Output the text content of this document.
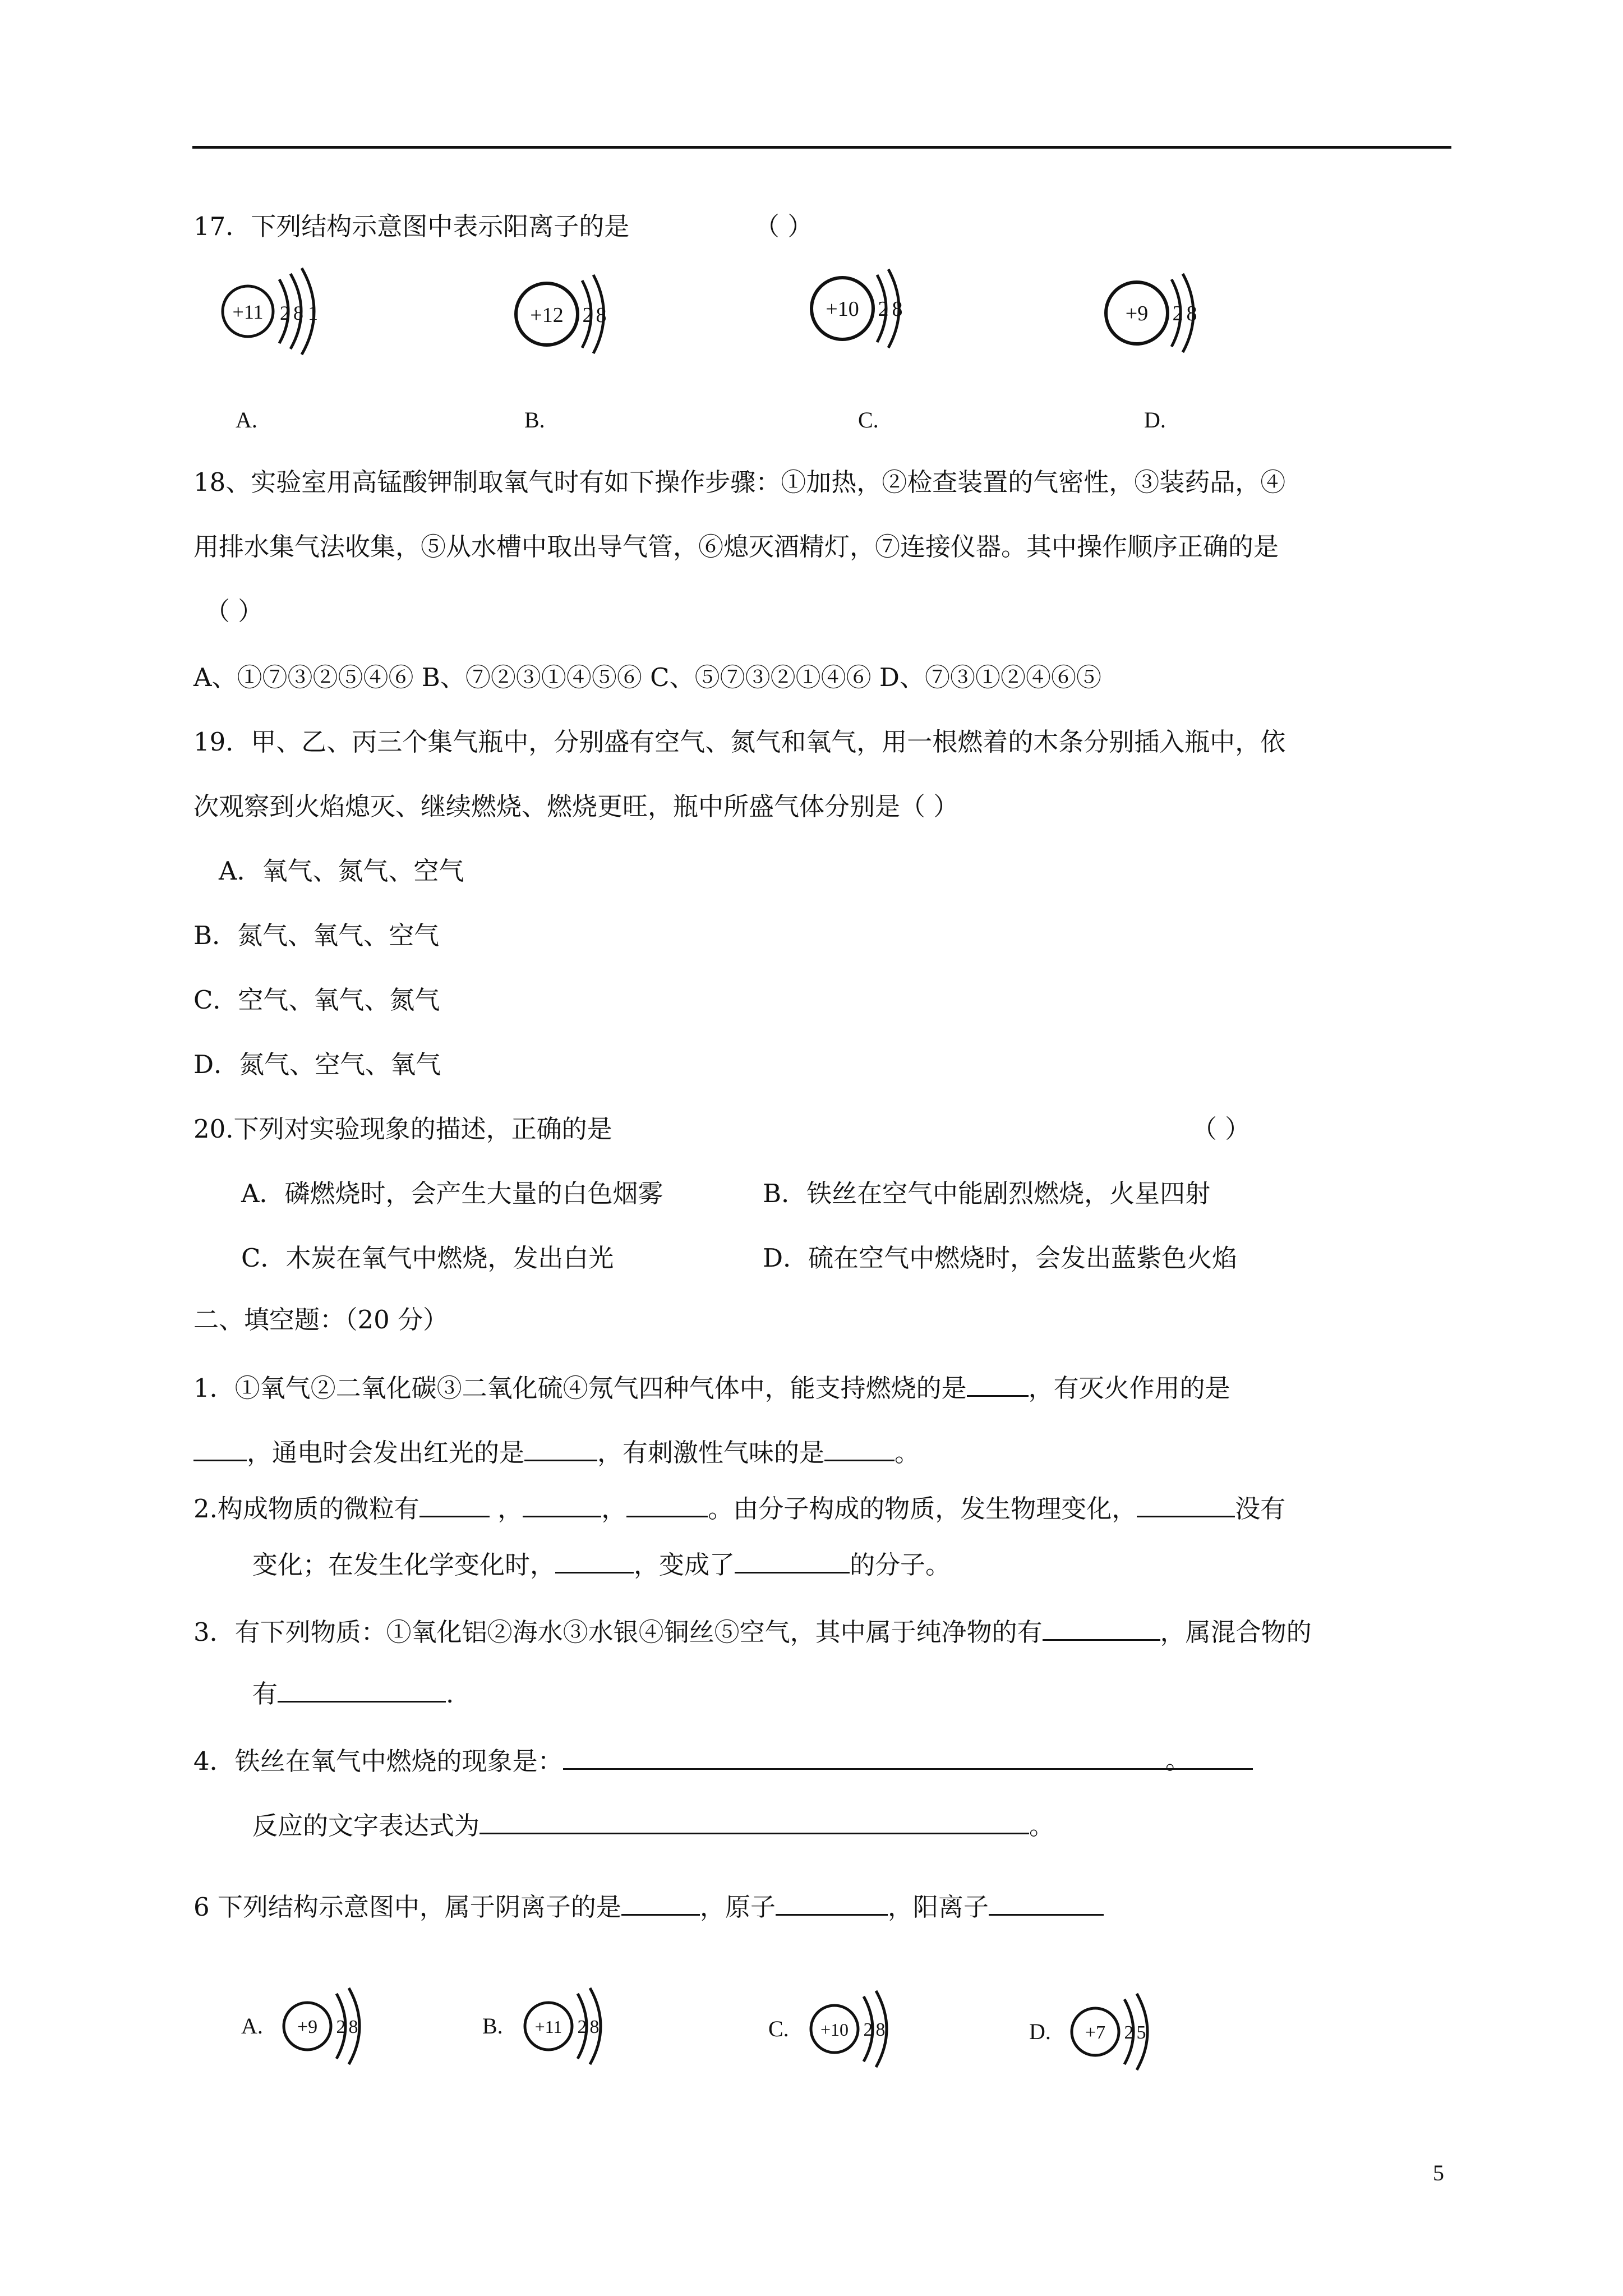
17．下列结构示意图中表示阳离子的是	（ ）
+11 2 8 1	+12 2 8	+10 2 8	+9 2 8
A.	B.	C.	D.
18、实验室用高锰酸钾制取氧气时有如下操作步骤：①加热，②检查装置的气密性，③装药品，④
用排水集气法收集，⑤从水槽中取出导气管，⑥熄灭酒精灯，⑦连接仪器。其中操作顺序正确的是
（ ）
A、①⑦③②⑤④⑥ B、⑦②③①④⑤⑥ C、⑤⑦③②①④⑥ D、⑦③①②④⑥⑤
19．甲、乙、丙三个集气瓶中，分别盛有空气、氮气和氧气，用一根燃着的木条分别插入瓶中，依
次观察到火焰熄灭、继续燃烧、燃烧更旺，瓶中所盛气体分别是（ ）
A．氧气、氮气、空气
B．氮气、氧气、空气
C．空气、氧气、氮气
D．氮气、空气、氧气
20.下列对实验现象的描述，正确的是	（ ）
A．磷燃烧时，会产生大量的白色烟雾	B．铁丝在空气中能剧烈燃烧，火星四射
C．木炭在氧气中燃烧，发出白光	D．硫在空气中燃烧时，会发出蓝紫色火焰
二、填空题：（20 分）
1．①氧气②二氧化碳③二氧化硫④氖气四种气体中，能支持燃烧的是 ，有灭火作用的是
，通电时会发出红光的是	，有刺激性气味的是	。
2.构成物质的微粒有	，	，	。由分子构成的物质，发生物理变化，	没有
变化；在发生化学变化时，	，变成了	的分子。
3．有下列物质：①氧化铝②海水③水银④铜丝⑤空气，其中属于纯净物的有	，属混合物的
有	.
4．铁丝在氧气中燃烧的现象是：	。
反应的文字表达式为	。
6 下列结构示意图中，属于阴离子的是	，原子	，阳离子
A. +9 2 8	B. +11 2 8	C. +10 2 8	D. +7 2 5
5
